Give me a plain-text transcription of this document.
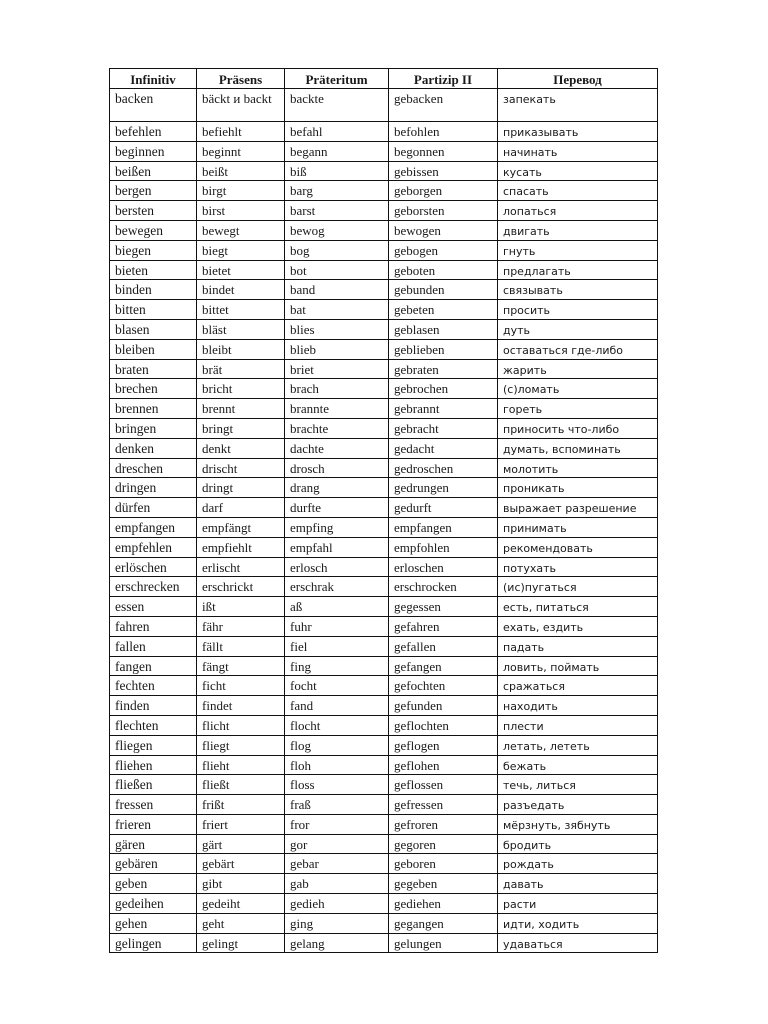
Infinitiv	Präsens	Präteritum	Partizip II	Перевод
backen	bäckt и backt	backte	gebacken	запекать
befehlen	befiehlt	befahl	befohlen	приказывать
beginnen	beginnt	begann	begonnen	начинать
beißen	beißt	biß	gebissen	кусать
bergen	birgt	barg	geborgen	спасать
bersten	birst	barst	geborsten	лопаться
bewegen	bewegt	bewog	bewogen	двигать
biegen	biegt	bog	gebogen	гнуть
bieten	bietet	bot	geboten	предлагать
binden	bindet	band	gebunden	связывать
bitten	bittet	bat	gebeten	просить
blasen	bläst	blies	geblasen	дуть
bleiben	bleibt	blieb	geblieben	оставаться где-либо
braten	brät	briet	gebraten	жарить
brechen	bricht	brach	gebrochen	(с)ломать
brennen	brennt	brannte	gebrannt	гореть
bringen	bringt	brachte	gebracht	приносить что-либо
denken	denkt	dachte	gedacht	думать, вспоминать
dreschen	drischt	drosch	gedroschen	молотить
dringen	dringt	drang	gedrungen	проникать
dürfen	darf	durfte	gedurft	выражает разрешение
empfangen	empfängt	empfing	empfangen	принимать
empfehlen	empfiehlt	empfahl	empfohlen	рекомендовать
erlöschen	erlischt	erlosch	erloschen	потухать
erschrecken	erschrickt	erschrak	erschrocken	(ис)пугаться
essen	ißt	aß	gegessen	есть, питаться
fahren	fähr	fuhr	gefahren	ехать, ездить
fallen	fällt	fiel	gefallen	падать
fangen	fängt	fing	gefangen	ловить, поймать
fechten	ficht	focht	gefochten	сражаться
finden	findet	fand	gefunden	находить
flechten	flicht	flocht	geflochten	плести
fliegen	fliegt	flog	geflogen	летать, лететь
fliehen	flieht	floh	geflohen	бежать
fließen	fließt	floss	geflossen	течь, литься
fressen	frißt	fraß	gefressen	разъедать
frieren	friert	fror	gefroren	мёрзнуть, зябнуть
gären	gärt	gor	gegoren	бродить
gebären	gebärt	gebar	geboren	рождать
geben	gibt	gab	gegeben	давать
gedeihen	gedeiht	gedieh	gediehen	расти
gehen	geht	ging	gegangen	идти, ходить
gelingen	gelingt	gelang	gelungen	удаваться
